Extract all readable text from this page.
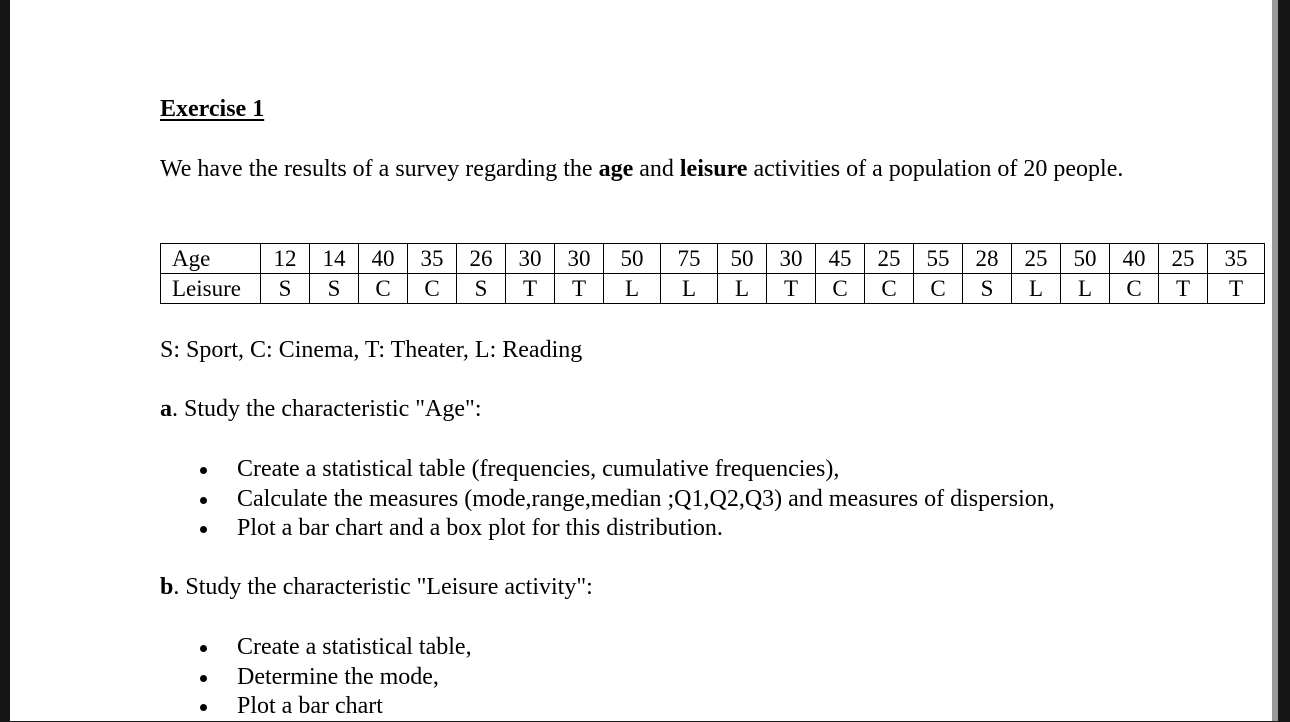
Exercise 1
We have the results of a survey regarding the age and leisure activities of a population of 20 people.
Age	12	14	40	35	26	30	30	50	75	50	30	45	25	55	28	25	50	40	25	35
Leisure	S	S	C	C	S	T	T	L	L	L	T	C	C	C	S	L	L	C	T	T
S: Sport, C: Cinema, T: Theater, L: Reading
a. Study the characteristic "Age":
Create a statistical table (frequencies, cumulative frequencies),
Calculate the measures (mode,range,median ;Q1,Q2,Q3) and measures of dispersion,
Plot a bar chart and a box plot for this distribution.
b. Study the characteristic "Leisure activity":
Create a statistical table,
Determine the mode,
Plot a bar chart
